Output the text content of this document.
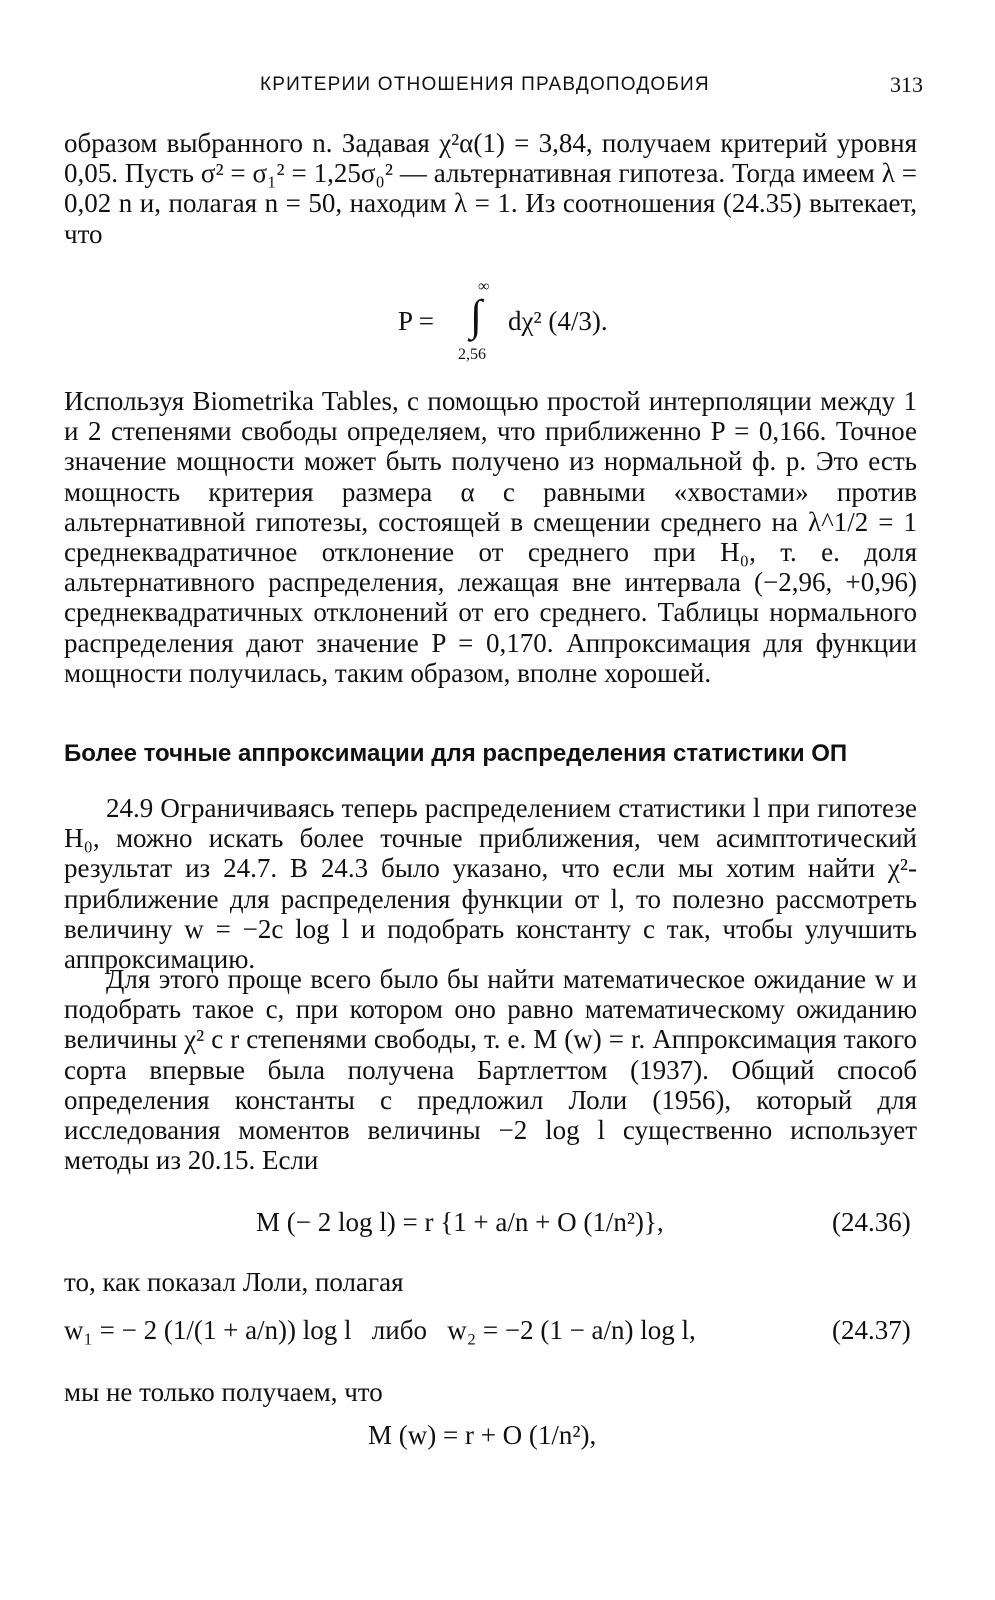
КРИТЕРИИ ОТНОШЕНИЯ ПРАВДОПОДОБИЯ	313

образом выбранного n. Задавая χ²α(1) = 3,84, получаем критерий уровня 0,05. Пусть σ² = σ₁² = 1,25σ₀² — альтернативная гипотеза. Тогда имеем λ = 0,02 n и, полагая n = 50, находим λ = 1. Из соотношения (24.35) вытекает, что

P =
∞
∫
2,56
dχ² (4/3).

Используя Biometrika Tables, с помощью простой интерполяции между 1 и 2 степенями свободы определяем, что приближенно P = 0,166. Точное значение мощности может быть получено из нормальной ф. р. Это есть мощность критерия размера α с равными «хвостами» против альтернативной гипотезы, состоящей в смещении среднего на λ^1/2 = 1 среднеквадратичное отклонение от среднего при H₀, т. е. доля альтернативного распределения, лежащая вне интервала (−2,96, +0,96) среднеквадратичных отклонений от его среднего. Таблицы нормального распределения дают значение P = 0,170. Аппроксимация для функции мощности получилась, таким образом, вполне хорошей.

Более точные аппроксимации для распределения статистики ОП

24.9 Ограничиваясь теперь распределением статистики l при гипотезе H₀, можно искать более точные приближения, чем асимптотический результат из 24.7. В 24.3 было указано, что если мы хотим найти χ²-приближение для распределения функции от l, то полезно рассмотреть величину w = −2c log l и подобрать константу c так, чтобы улучшить аппроксимацию.

Для этого проще всего было бы найти математическое ожидание w и подобрать такое c, при котором оно равно математическому ожиданию величины χ² с r степенями свободы, т. е. M (w) = r. Аппроксимация такого сорта впервые была получена Бартлеттом (1937). Общий способ определения константы c предложил Лоли (1956), который для исследования моментов величины −2 log l существенно использует методы из 20.15. Если

M (− 2 log l) = r {1 + a/n + O (1/n²)},	(24.36)

то, как показал Лоли, полагая

w₁ = − 2 (1/(1 + a/n)) log l   либо   w₂ = −2 (1 − a/n) log l,	(24.37)

мы не только получаем, что

M (w) = r + O (1/n²),
